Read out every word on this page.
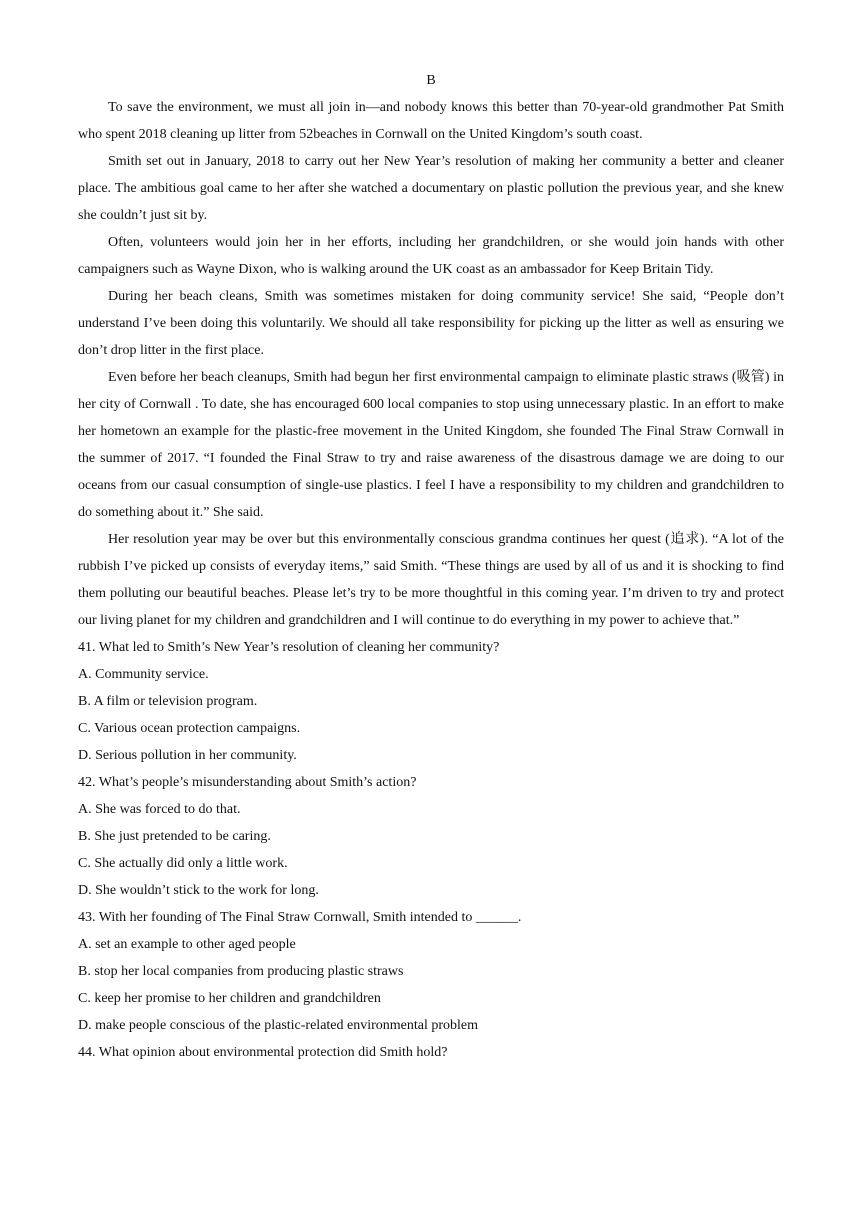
B

To save the environment, we must all join in—and nobody knows this better than 70-year-old grandmother Pat Smith who spent 2018 cleaning up litter from 52beaches in Cornwall on the United Kingdom’s south coast.

Smith set out in January, 2018 to carry out her New Year’s resolution of making her community a better and cleaner place. The ambitious goal came to her after she watched a documentary on plastic pollution the previous year, and she knew she couldn’t just sit by.

Often, volunteers would join her in her efforts, including her grandchildren, or she would join hands with other campaigners such as Wayne Dixon, who is walking around the UK coast as an ambassador for Keep Britain Tidy.

During her beach cleans, Smith was sometimes mistaken for doing community service! She said, “People don’t understand I’ve been doing this voluntarily. We should all take responsibility for picking up the litter as well as ensuring we don’t drop litter in the first place.

Even before her beach cleanups, Smith had begun her first environmental campaign to eliminate plastic straws (吸管) in her city of Cornwall . To date, she has encouraged 600 local companies to stop using unnecessary plastic. In an effort to make her hometown an example for the plastic-free movement in the United Kingdom, she founded The Final Straw Cornwall in the summer of 2017. “I founded the Final Straw to try and raise awareness of the disastrous damage we are doing to our oceans from our casual consumption of single-use plastics. I feel I have a responsibility to my children and grandchildren to do something about it.” She said.

Her resolution year may be over but this environmentally conscious grandma continues her quest (追求). “A lot of the rubbish I’ve picked up consists of everyday items,” said Smith. “These things are used by all of us and it is shocking to find them polluting our beautiful beaches. Please let’s try to be more thoughtful in this coming year. I’m driven to try and protect our living planet for my children and grandchildren and I will continue to do everything in my power to achieve that.”

41. What led to Smith’s New Year’s resolution of cleaning her community?

A. Community service.

B. A film or television program.

C. Various ocean protection campaigns.

D. Serious pollution in her community.

42. What’s people’s misunderstanding about Smith’s action?

A. She was forced to do that.

B. She just pretended to be caring.

C. She actually did only a little work.

D. She wouldn’t stick to the work for long.

43. With her founding of The Final Straw Cornwall, Smith intended to ______.

A. set an example to other aged people

B. stop her local companies from producing plastic straws

C. keep her promise to her children and grandchildren

D. make people conscious of the plastic-related environmental problem

44. What opinion about environmental protection did Smith hold?
